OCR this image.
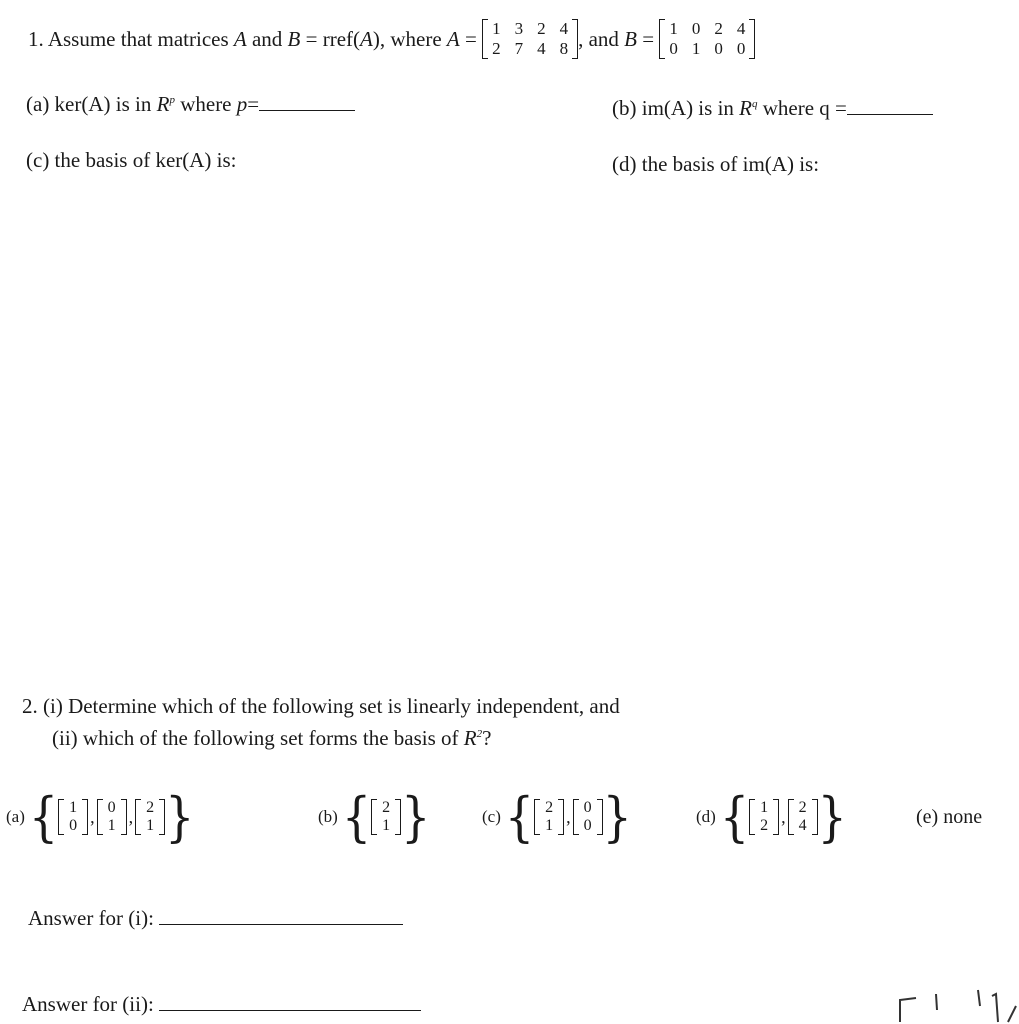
1. Assume that matrices
A
and
B
= rref( A ), where
A
=
1 3 2 4
2 7 4 8 , and
B
=
1 0 2 4
0 1 0 0
(a) ker(A) is in $R^p$ where p=	(b) im(A) is in $R^q$ where q =
(c) the basis of ker(A) is:	(d) the basis of im(A) is:
2. (i) Determine which of the following set is linearly independent, and
(ii) which of the following set forms the basis of $R^2$?
(a) { 1
0 , 0
1 , 2
1 }	(b) { 2
1 }	(c) { 2
1 , 0
0 }	(d) { 1
2 , 2
4 }	(e) none
Answer for (i):
Answer for (ii):
